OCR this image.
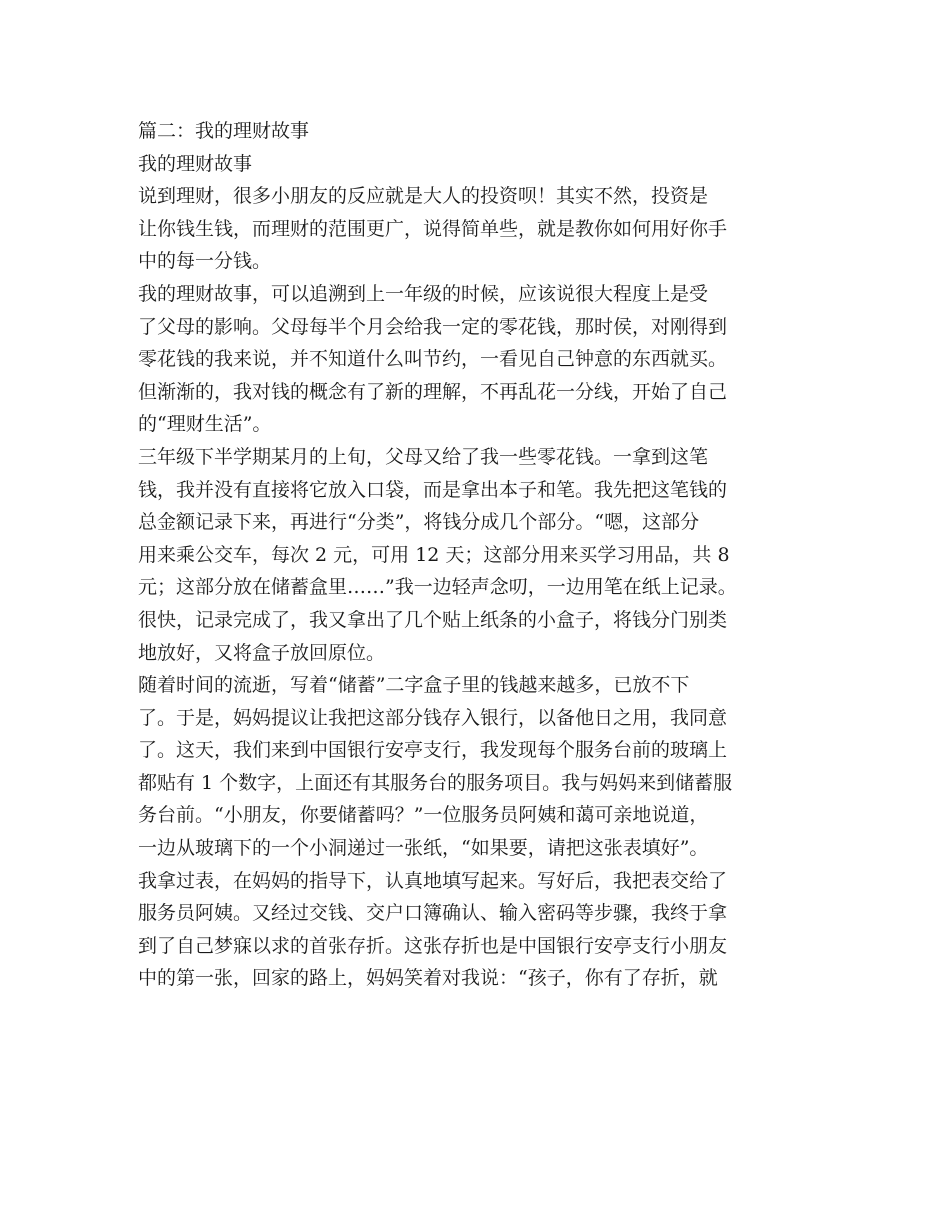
篇二：我的理财故事
我的理财故事
说到理财，很多小朋友的反应就是大人的投资呗！其实不然，投资是
让你钱生钱，而理财的范围更广，说得简单些，就是教你如何用好你手
中的每一分钱。
我的理财故事，可以追溯到上一年级的时候，应该说很大程度上是受
了父母的影响。父母每半个月会给我一定的零花钱，那时侯，对刚得到
零花钱的我来说，并不知道什么叫节约，一看见自己钟意的东西就买。
但渐渐的，我对钱的概念有了新的理解，不再乱花一分线，开始了自己
的“理财生活”。
三年级下半学期某月的上旬，父母又给了我一些零花钱。一拿到这笔
钱，我并没有直接将它放入口袋，而是拿出本子和笔。我先把这笔钱的
总金额记录下来，再进行“分类”，将钱分成几个部分。“嗯，这部分
用来乘公交车，每次 2 元，可用 12 天；这部分用来买学习用品，共 8
元；这部分放在储蓄盒里……”我一边轻声念叨，一边用笔在纸上记录。
很快，记录完成了，我又拿出了几个贴上纸条的小盒子，将钱分门别类
地放好，又将盒子放回原位。
随着时间的流逝，写着“储蓄”二字盒子里的钱越来越多，已放不下
了。于是，妈妈提议让我把这部分钱存入银行，以备他日之用，我同意
了。这天，我们来到中国银行安亭支行，我发现每个服务台前的玻璃上
都贴有 1 个数字，上面还有其服务台的服务项目。我与妈妈来到储蓄服
务台前。“小朋友，你要储蓄吗？”一位服务员阿姨和蔼可亲地说道，
一边从玻璃下的一个小洞递过一张纸，“如果要，请把这张表填好”。
我拿过表，在妈妈的指导下，认真地填写起来。写好后，我把表交给了
服务员阿姨。又经过交钱、交户口簿确认、输入密码等步骤，我终于拿
到了自己梦寐以求的首张存折。这张存折也是中国银行安亭支行小朋友
中的第一张，回家的路上，妈妈笑着对我说：“孩子，你有了存折，就
